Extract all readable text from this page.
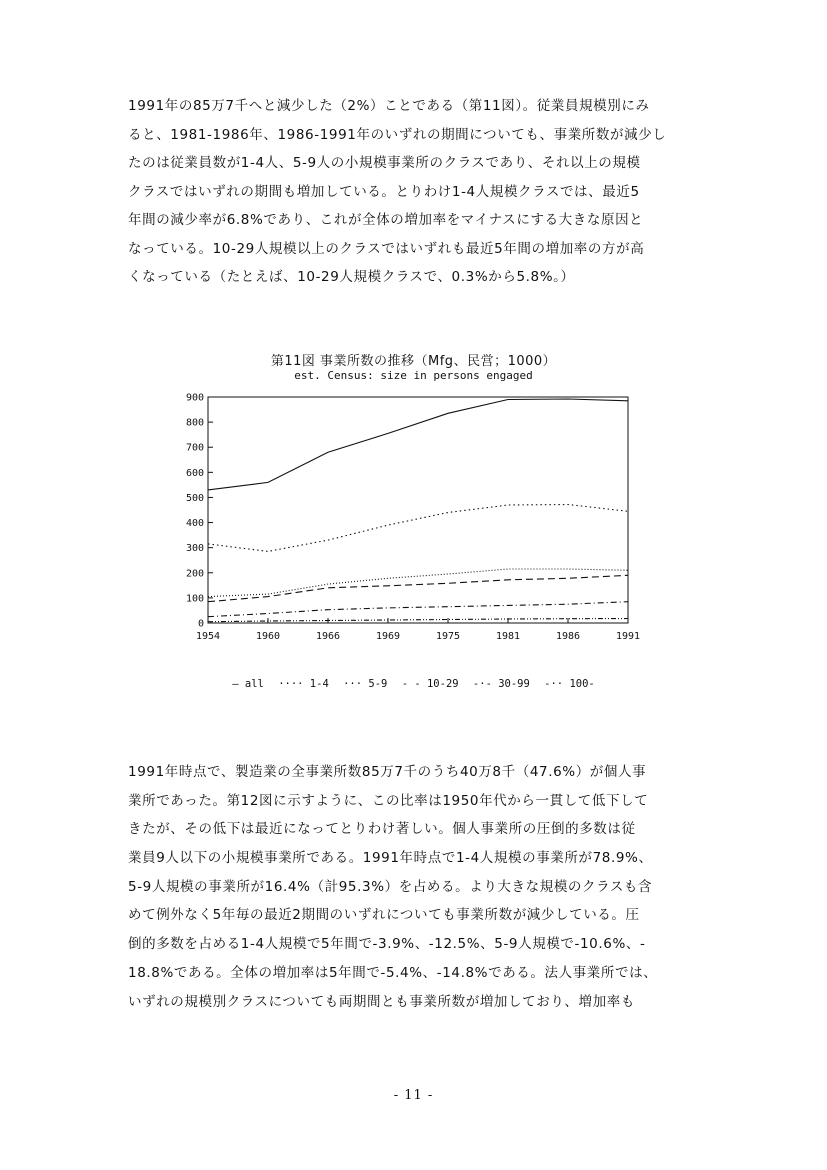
1991年の85万7千へと減少した（2%）ことである（第11図）。従業員規模別にみ

ると、1981-1986年、1986-1991年のいずれの期間についても、事業所数が減少し

たのは従業員数が1-4人、5-9人の小規模事業所のクラスであり、それ以上の規模

クラスではいずれの期間も増加している。とりわけ1-4人規模クラスでは、最近5

年間の減少率が6.8%であり、これが全体の増加率をマイナスにする大きな原因と

なっている。10-29人規模以上のクラスではいずれも最近5年間の増加率の方が高

くなっている（たとえば、10-29人規模クラスで、0.3%から5.8%。）

第11図 事業所数の推移（Mfg、民営；1000）
est. Census: size in persons engaged
0
100
200
300
400
500
600
700
800
900
1954	1960	1966	1969	1975	1981	1986	1991
— all ···· 1-4 ··· 5-9 - - 10-29 -·- 30-99 -·· 100-

1991年時点で、製造業の全事業所数85万7千のうち40万8千（47.6%）が個人事

業所であった。第12図に示すように、この比率は1950年代から一貫して低下して

きたが、その低下は最近になってとりわけ著しい。個人事業所の圧倒的多数は従

業員9人以下の小規模事業所である。1991年時点で1-4人規模の事業所が78.9%、

5-9人規模の事業所が16.4%（計95.3%）を占める。より大きな規模のクラスも含

めて例外なく5年毎の最近2期間のいずれについても事業所数が減少している。圧

倒的多数を占める1-4人規模で5年間で-3.9%、-12.5%、5-9人規模で-10.6%、-

18.8%である。全体の増加率は5年間で-5.4%、-14.8%である。法人事業所では、

いずれの規模別クラスについても両期間とも事業所数が増加しており、増加率も

- 11 -
